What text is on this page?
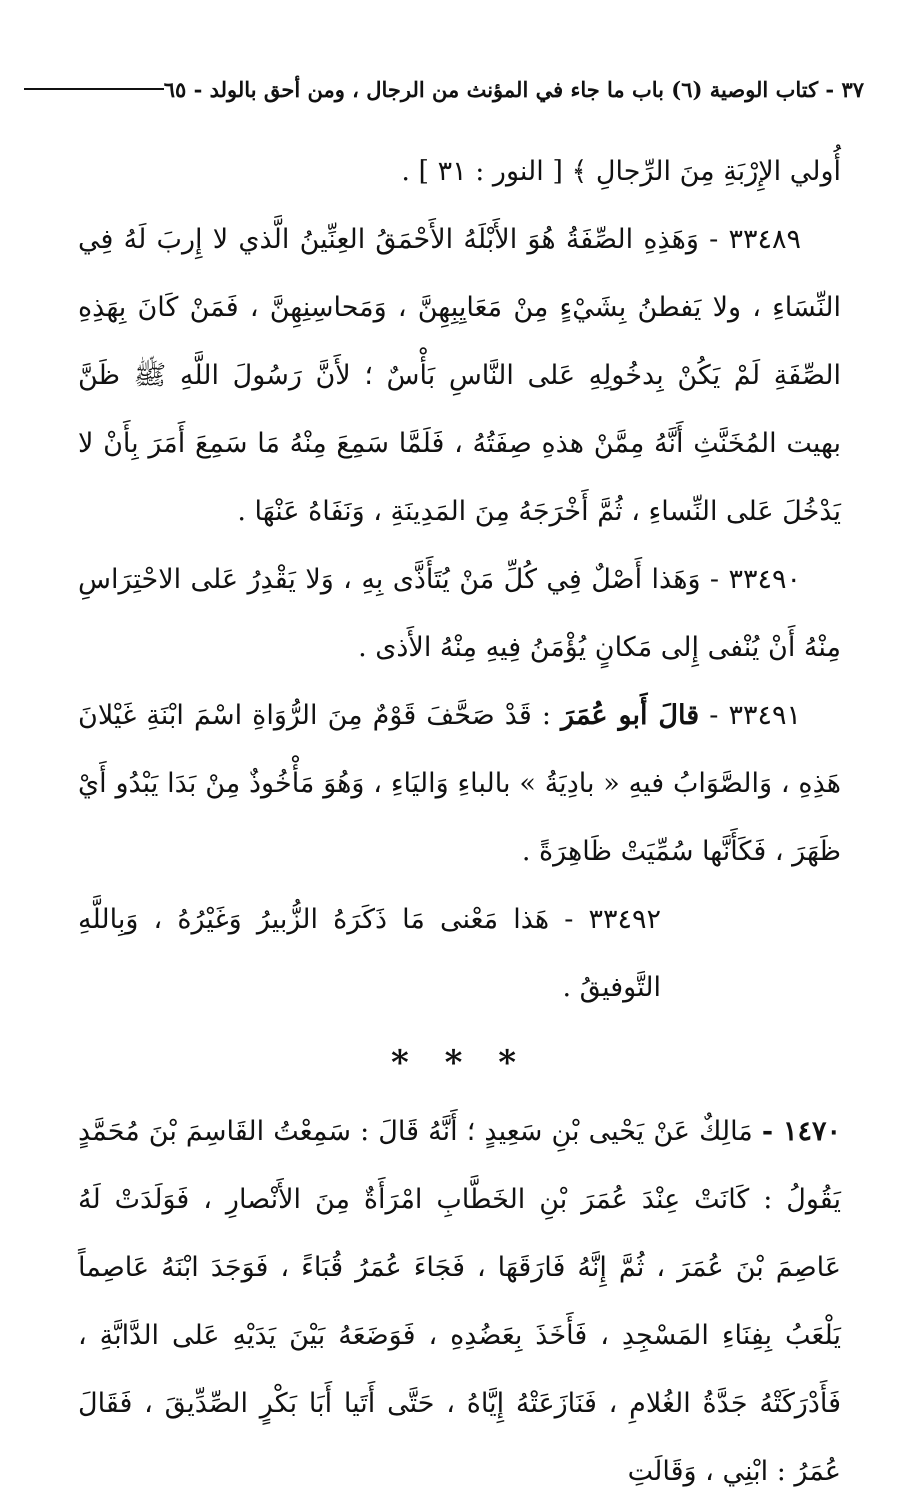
٣٧ - كتاب الوصية (٦) باب ما جاء في المؤنث من الرجال ، ومن أحق بالولد - ٦٥

أُولي الإِرْبَةِ مِنَ الرِّجالِ ﴾ [ النور : ٣١ ] .

٣٣٤٨٩ - وَهَذِهِ الصِّفَةُ هُوَ الأَبْلَهُ الأَحْمَقُ العِنِّينُ الَّذي لا إِربَ لَهُ فِي النِّسَاءِ ، ولا يَفطنُ بِشَيْءٍ مِنْ مَعَايِبِهِنَّ ، وَمَحاسِنِهِنَّ ، فَمَنْ كَانَ بِهَذِهِ الصِّفَةِ لَمْ يَكُنْ بِدخُولِهِ عَلى النَّاسِ بَأْسٌ ؛ لأَنَّ رَسُولَ اللَّهِ ﷺ ظَنَّ بهيت المُخَنَّثِ أَنَّهُ مِمَّنْ هذهِ صِفَتُهُ ، فَلَمَّا سَمِعَ مِنْهُ مَا سَمِعَ أَمَرَ بِأَنْ لا يَدْخُلَ عَلى النِّساءِ ، ثُمَّ أَخْرَجَهُ مِنَ المَدِينَةِ ، وَنَفَاهُ عَنْهَا .

٣٣٤٩٠ - وَهَذا أَصْلٌ فِي كُلِّ مَنْ يُتَأَذَّى بِهِ ، وَلا يَقْدِرُ عَلى الاحْتِرَاسِ مِنْهُ أَنْ يُنْفى إِلى مَكانٍ يُؤْمَنُ فِيهِ مِنْهُ الأَذى .

٣٣٤٩١ - قالَ أَبو عُمَرَ : قَدْ صَحَّفَ قَوْمٌ مِنَ الرُّوَاةِ اسْمَ ابْنَةِ غَيْلانَ هَذِهِ ، وَالصَّوَابُ فيهِ « بادِيَةُ » بالباءِ وَاليَاءِ ، وَهُوَ مَأْخُوذٌ مِنْ بَدَا يَبْدُو أَيْ ظَهَرَ ، فَكَأَنَّها سُمِّيَتْ ظَاهِرَةً .

٣٣٤٩٢ - هَذا مَعْنى مَا ذَكَرَهُ الزُّبيرُ وَغَيْرُهُ ، وَبِاللَّهِ التَّوفيقُ .

* * *

١٤٧٠ - مَالِكٌ عَنْ يَحْيى بْنِ سَعِيدٍ ؛ أَنَّهُ قَالَ : سَمِعْتُ القَاسِمَ بْنَ مُحَمَّدٍ يَقُولُ : كَانَتْ عِنْدَ عُمَرَ بْنِ الخَطَّابِ امْرَأَةٌ مِنَ الأَنْصارِ ، فَوَلَدَتْ لَهُ عَاصِمَ بْنَ عُمَرَ ، ثُمَّ إِنَّهُ فَارَقَهَا ، فَجَاءَ عُمَرُ قُبَاءً ، فَوَجَدَ ابْنَهُ عَاصِماً يَلْعَبُ بِفِنَاءِ المَسْجِدِ ، فَأَخَذَ بِعَضُدِهِ ، فَوَضَعَهُ بَيْنَ يَدَيْهِ عَلى الدَّابَّةِ ، فَأَدْرَكَتْهُ جَدَّةُ الغُلامِ ، فَنَازَعَتْهُ إِيَّاهُ ، حَتَّى أَتَيا أَبَا بَكْرٍ الصِّدِّيقَ ، فَقَالَ عُمَرُ : ابْنِي ، وَقَالَتِ
